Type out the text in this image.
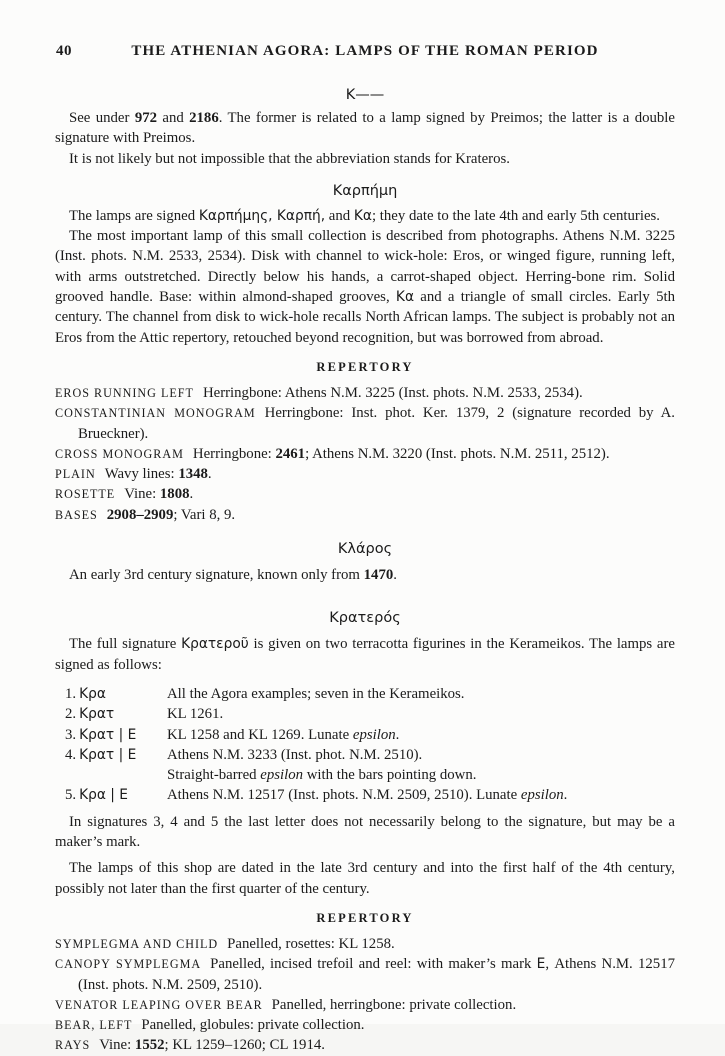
40	THE ATHENIAN AGORA: LAMPS OF THE ROMAN PERIOD
Κ——

See under 972 and 2186. The former is related to a lamp signed by Preimos; the latter is a double signature with Preimos.

It is not likely but not impossible that the abbreviation stands for Krateros.

Καρπήμη

The lamps are signed Καρπήμης, Καρπή, and Κα; they date to the late 4th and early 5th centuries.

The most important lamp of this small collection is described from photographs. Athens N.M. 3225 (Inst. phots. N.M. 2533, 2534). Disk with channel to wick-hole: Eros, or winged figure, running left, with arms outstretched. Directly below his hands, a carrot-shaped object. Herring-bone rim. Solid grooved handle. Base: within almond-shaped grooves, Κα and a triangle of small circles. Early 5th century. The channel from disk to wick-hole recalls North African lamps. The subject is probably not an Eros from the Attic repertory, retouched beyond recognition, but was borrowed from abroad.

REPERTORY

EROS RUNNING LEFT Herringbone: Athens N.M. 3225 (Inst. phots. N.M. 2533, 2534).

CONSTANTINIAN MONOGRAM Herringbone: Inst. phot. Ker. 1379, 2 (signature recorded by A. Brueckner).

CROSS MONOGRAM Herringbone: 2461; Athens N.M. 3220 (Inst. phots. N.M. 2511, 2512).

PLAIN Wavy lines: 1348.

ROSETTE Vine: 1808.

BASES 2908–2909; Vari 8, 9.

Κλάρος

An early 3rd century signature, known only from 1470.

Κρατερός

The full signature Κρατεροῦ is given on two terracotta figurines in the Kerameikos. The lamps are signed as follows:

1. Κρα	All the Agora examples; seven in the Kerameikos.
2. Κρατ	KL 1261.
3. Κρατ | Ε	KL 1258 and KL 1269. Lunate epsilon.
4. Κρατ | Ε	Athens N.M. 3233 (Inst. phot. N.M. 2510).
Straight-barred epsilon with the bars pointing down.
5. Κρα | Ε	Athens N.M. 12517 (Inst. phots. N.M. 2509, 2510). Lunate epsilon.

In signatures 3, 4 and 5 the last letter does not necessarily belong to the signature, but may be a maker’s mark.

The lamps of this shop are dated in the late 3rd century and into the first half of the 4th century, possibly not later than the first quarter of the century.

REPERTORY

SYMPLEGMA AND CHILD Panelled, rosettes: KL 1258.

CANOPY SYMPLEGMA Panelled, incised trefoil and reel: with maker’s mark Ε, Athens N.M. 12517 (Inst. phots. N.M. 2509, 2510).

VENATOR LEAPING OVER BEAR Panelled, herringbone: private collection.

BEAR, LEFT Panelled, globules: private collection.

RAYS Vine: 1552; KL 1259–1260; CL 1914.
